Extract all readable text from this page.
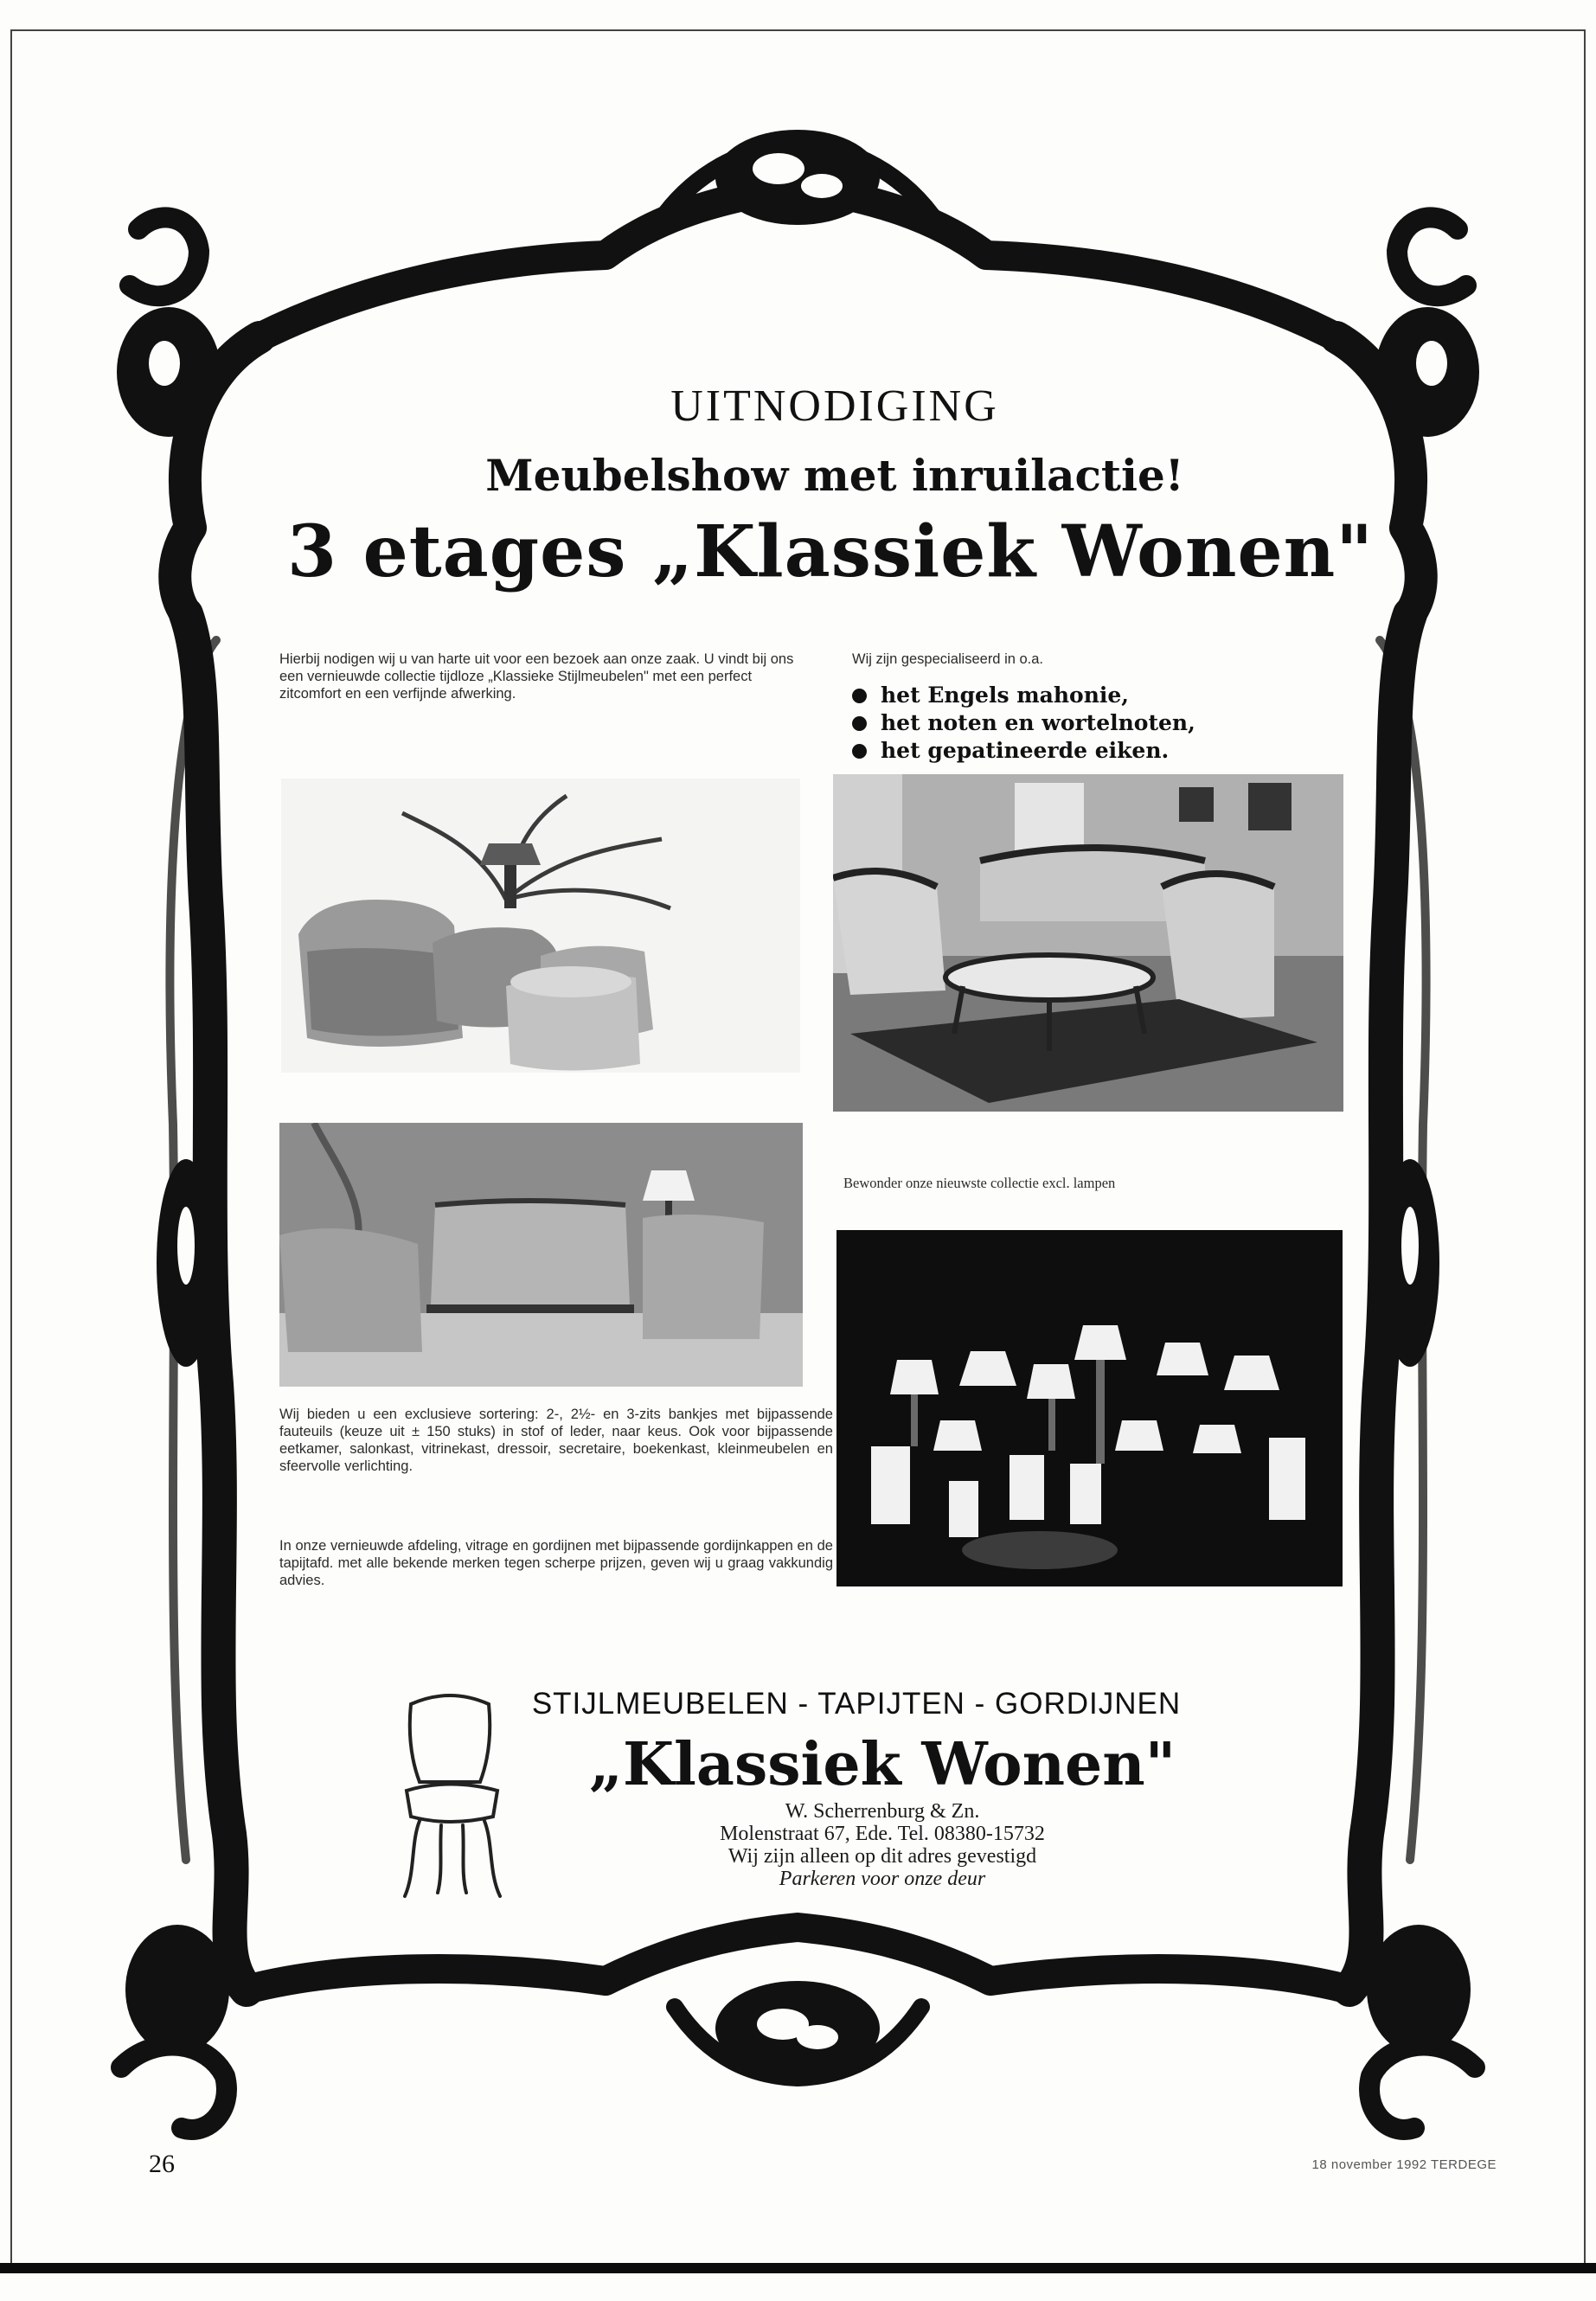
UITNODIGING
Meubelshow met inruilactie!
3 etages „Klassiek Wonen"
Hierbij nodigen wij u van harte uit voor een bezoek aan onze zaak. U vindt bij ons een vernieuwde collectie tijdloze „Klassieke Stijlmeubelen" met een perfect zitcomfort en een verfijnde afwerking.
Wij zijn gespecialiseerd in o.a.
het Engels mahonie,
het noten en wortelnoten,
het gepatineerde eiken.
Bewonder onze nieuwste collectie excl. lampen
Wij bieden u een exclusieve sortering: 2-, 2½- en 3-zits bankjes met bijpassende fauteuils (keuze uit ± 150 stuks) in stof of leder, naar keus. Ook voor bijpassende eetkamer, salonkast, vitrinekast, dressoir, secretaire, boekenkast, kleinmeubelen en sfeervolle verlichting.
In onze vernieuwde afdeling, vitrage en gordijnen met bijpassende gordijnkappen en de tapijtafd. met alle bekende merken tegen scherpe prijzen, geven wij u graag vakkundig advies.
STIJLMEUBELEN - TAPIJTEN - GORDIJNEN
„Klassiek Wonen"
W. Scherrenburg & Zn.
Molenstraat 67, Ede. Tel. 08380-15732
Wij zijn alleen op dit adres gevestigd
Parkeren voor onze deur
26	18 november 1992 TERDEGE
